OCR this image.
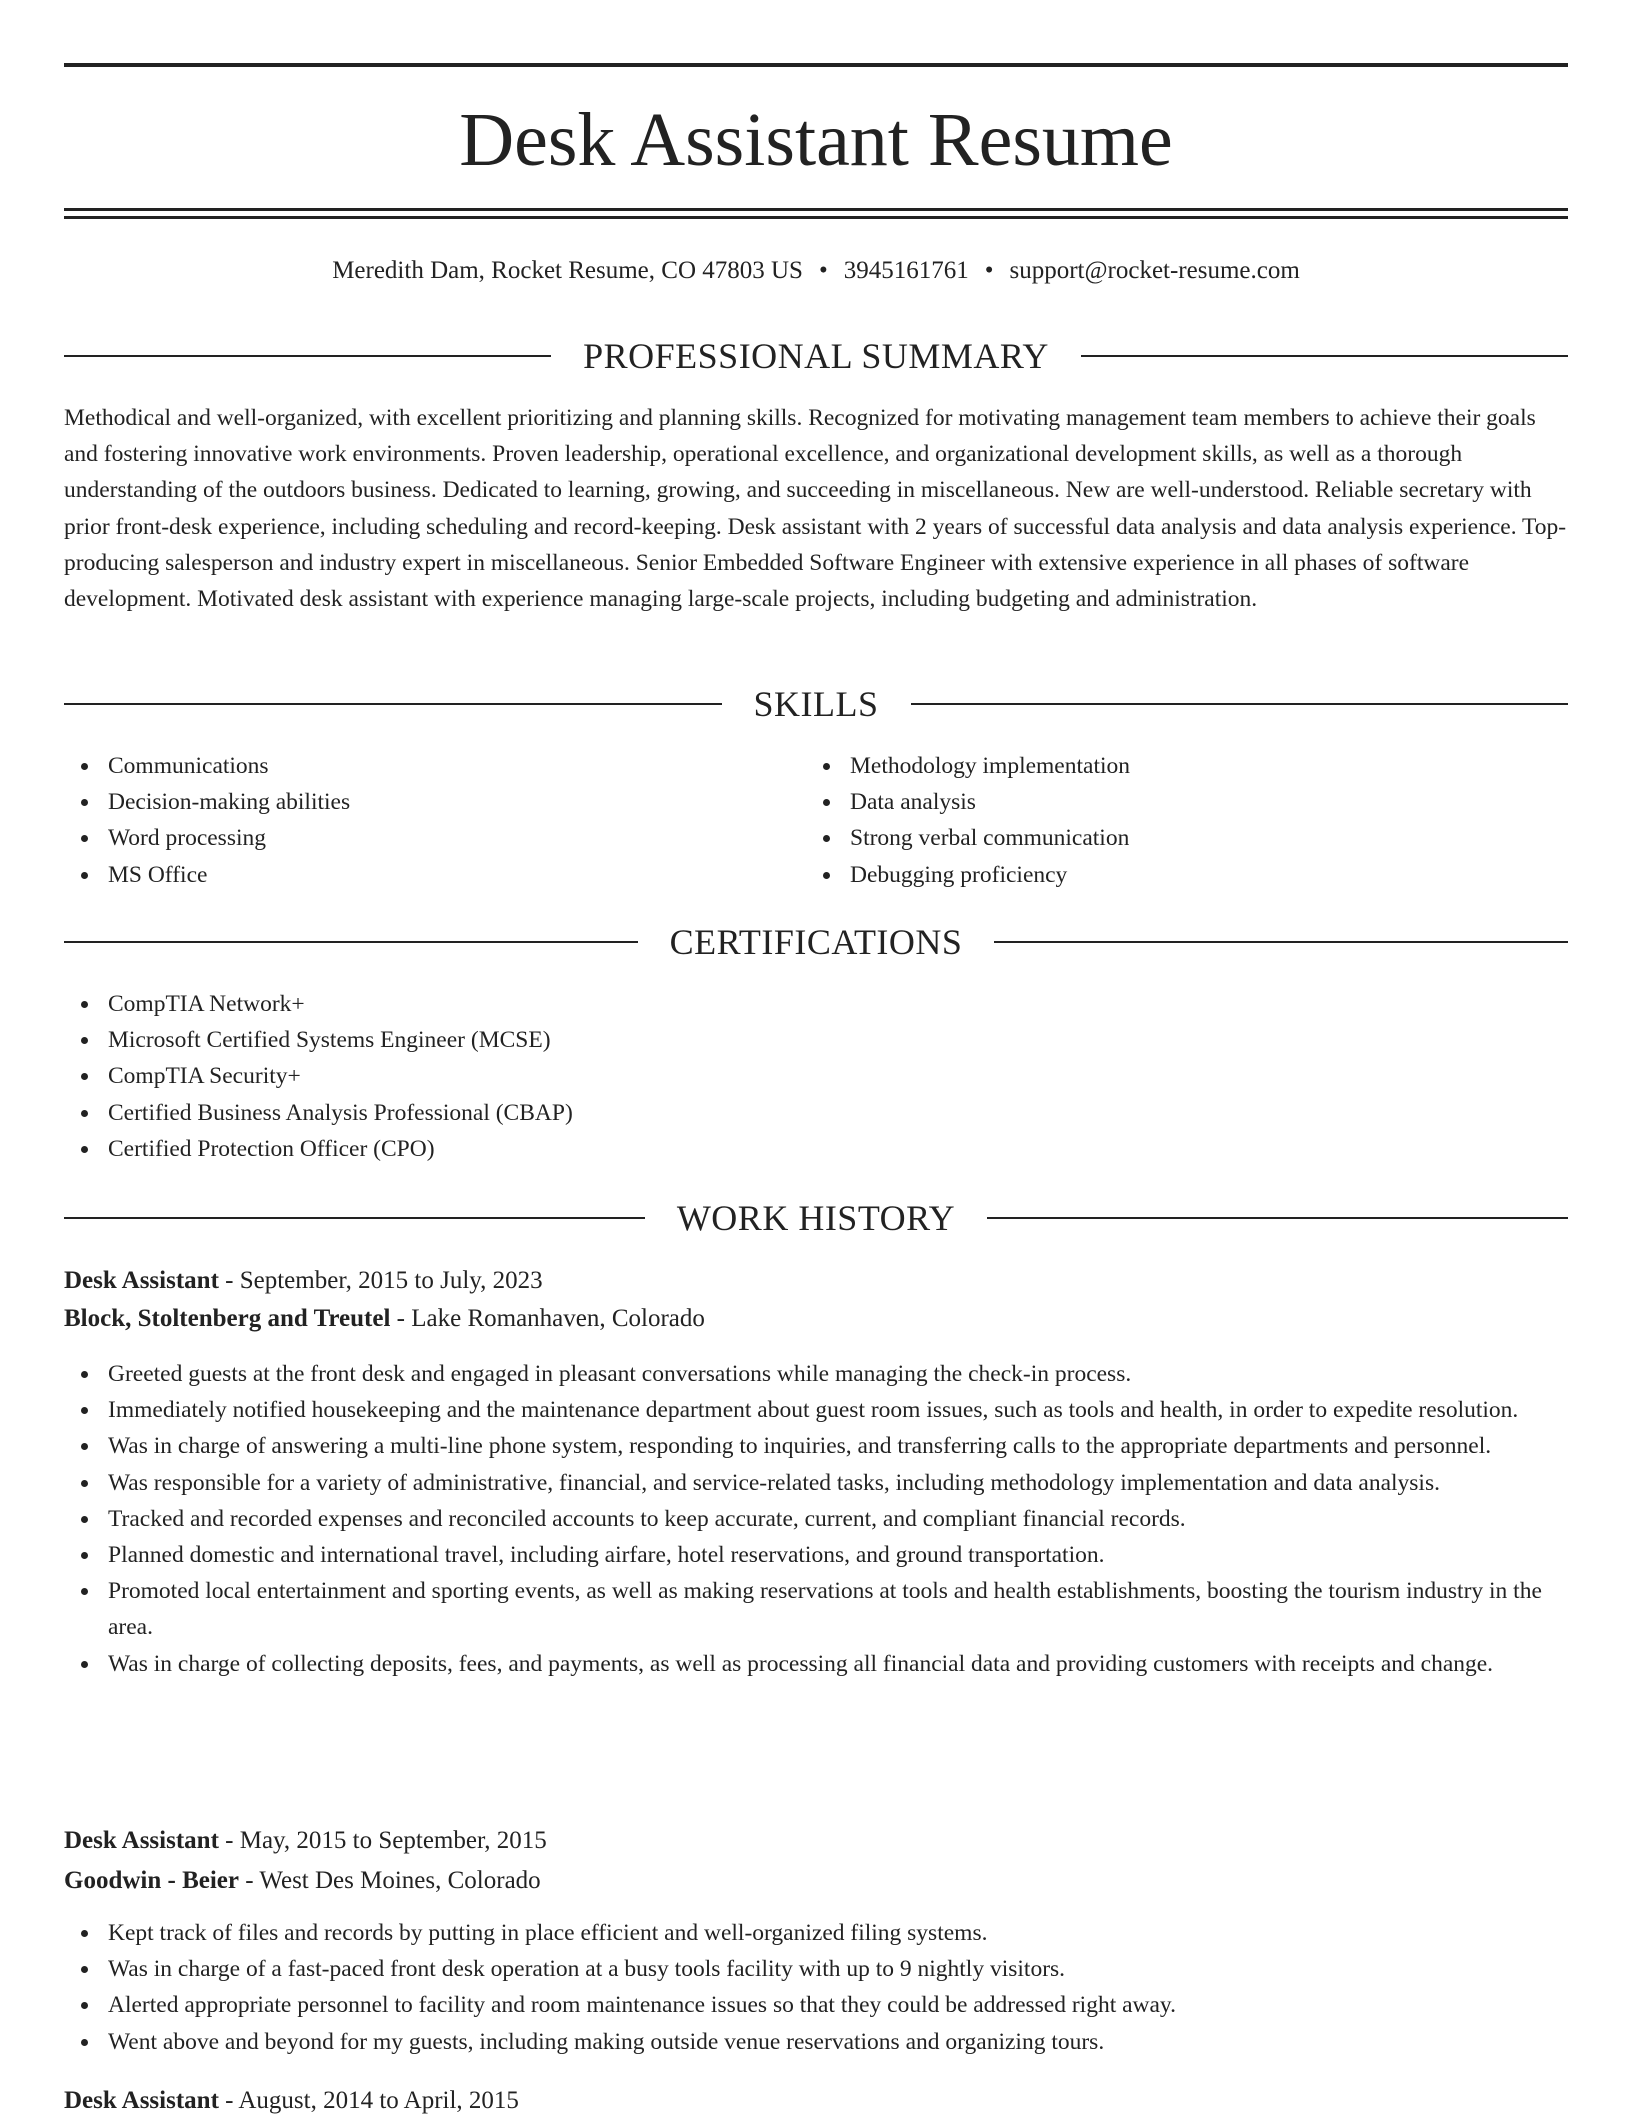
Desk Assistant Resume
Meredith Dam, Rocket Resume, CO 47803 US • 3945161761 • support@rocket-resume.com
PROFESSIONAL SUMMARY

Methodical and well-organized, with excellent prioritizing and planning skills. Recognized for motivating management team members to achieve their goals and fostering innovative work environments. Proven leadership, operational excellence, and organizational development skills, as well as a thorough understanding of the outdoors business. Dedicated to learning, growing, and succeeding in miscellaneous. New are well-understood. Reliable secretary with prior front-desk experience, including scheduling and record-keeping. Desk assistant with 2 years of successful data analysis and data analysis experience. Top-producing salesperson and industry expert in miscellaneous. Senior Embedded Software Engineer with extensive experience in all phases of software development. Motivated desk assistant with experience managing large-scale projects, including budgeting and administration.

SKILLS
Communications
Decision-making abilities
Word processing
MS Office
Methodology implementation
Data analysis
Strong verbal communication
Debugging proficiency
CERTIFICATIONS
CompTIA Network+
Microsoft Certified Systems Engineer (MCSE)
CompTIA Security+
Certified Business Analysis Professional (CBAP)
Certified Protection Officer (CPO)
WORK HISTORY
Desk Assistant - September, 2015 to July, 2023
Block, Stoltenberg and Treutel - Lake Romanhaven, Colorado
Greeted guests at the front desk and engaged in pleasant conversations while managing the check-in process.
Immediately notified housekeeping and the maintenance department about guest room issues, such as tools and health, in order to expedite resolution.
Was in charge of answering a multi-line phone system, responding to inquiries, and transferring calls to the appropriate departments and personnel.
Was responsible for a variety of administrative, financial, and service-related tasks, including methodology implementation and data analysis.
Tracked and recorded expenses and reconciled accounts to keep accurate, current, and compliant financial records.
Planned domestic and international travel, including airfare, hotel reservations, and ground transportation.
Promoted local entertainment and sporting events, as well as making reservations at tools and health establishments, boosting the tourism industry in the area.
Was in charge of collecting deposits, fees, and payments, as well as processing all financial data and providing customers with receipts and change.
Desk Assistant - May, 2015 to September, 2015
Goodwin - Beier - West Des Moines, Colorado
Kept track of files and records by putting in place efficient and well-organized filing systems.
Was in charge of a fast-paced front desk operation at a busy tools facility with up to 9 nightly visitors.
Alerted appropriate personnel to facility and room maintenance issues so that they could be addressed right away.
Went above and beyond for my guests, including making outside venue reservations and organizing tours.
Desk Assistant - August, 2014 to April, 2015
